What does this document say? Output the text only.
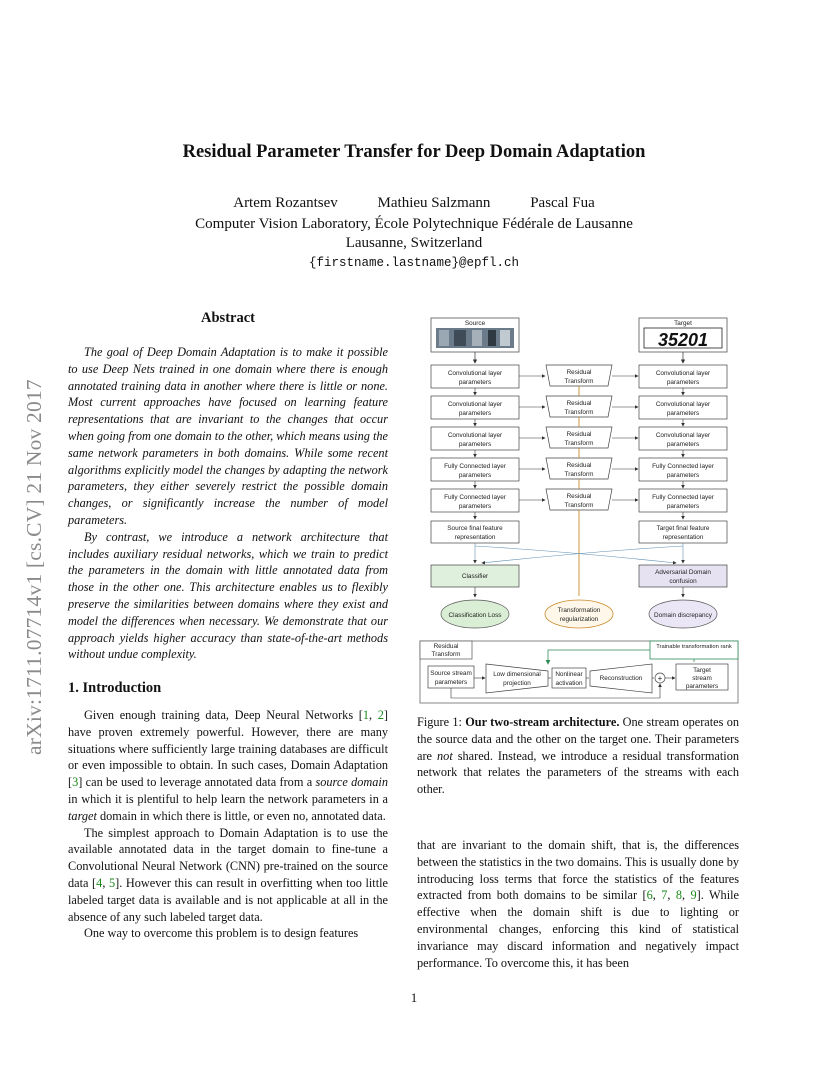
arXiv:1711.07714v1 [cs.CV] 21 Nov 2017
Residual Parameter Transfer for Deep Domain Adaptation
Artem Rozantsev	Mathieu Salzmann	Pascal Fua
Computer Vision Laboratory, École Polytechnique Fédérale de Lausanne
Lausanne, Switzerland
{firstname.lastname}@epfl.ch
Abstract

The goal of Deep Domain Adaptation is to make it possible to use Deep Nets trained in one domain where there is enough annotated training data in another where there is little or none. Most current approaches have focused on learning feature representations that are invariant to the changes that occur when going from one domain to the other, which means using the same network parameters in both domains. While some recent algorithms explicitly model the changes by adapting the network parameters, they either severely restrict the possible domain changes, or significantly increase the number of model parameters.

By contrast, we introduce a network architecture that includes auxiliary residual networks, which we train to predict the parameters in the domain with little annotated data from those in the other one. This architecture enables us to flexibly preserve the similarities between domains where they exist and model the differences when necessary. We demonstrate that our approach yields higher accuracy than state-of-the-art methods without undue complexity.

1. Introduction

Given enough training data, Deep Neural Networks [1, 2] have proven extremely powerful. However, there are many situations where sufficiently large training databases are difficult or even impossible to obtain. In such cases, Domain Adaptation [3] can be used to leverage annotated data from a source domain in which it is plentiful to help learn the network parameters in a target domain in which there is little, or even no, annotated data.

The simplest approach to Domain Adaptation is to use the available annotated data in the target domain to fine-tune a Convolutional Neural Network (CNN) pre-trained on the source data [4, 5]. However this can result in overfitting when too little labeled target data is available and is not applicable at all in the absence of any such labeled target data.

One way to overcome this problem is to design features

Source	Target
35201
Convolutional layer
parameters
Convolutional layer
parameters
Convolutional layer
parameters
Fully Connected layer
parameters
Fully Connected layer
parameters
Convolutional layer
parameters
Convolutional layer
parameters
Convolutional layer
parameters
Fully Connected layer
parameters
Fully Connected layer
parameters
Residual
Transform
Residual
Transform
Residual
Transform
Residual
Transform
Residual
Transform
Source final feature
representation
Target final feature
representation
Classifier
Adversarial Domain
confusion
Classification Loss
Transformation
regularization
Domain discrepancy
Residual
Transform
Trainable transformation rank
Source stream
parameters
Low dimensional
projection
Nonlinear
activation
Reconstruction +
Target
stream
parameters

Figure 1: Our two-stream architecture. One stream operates on the source data and the other on the target one. Their parameters are not shared. Instead, we introduce a residual transformation network that relates the parameters of the streams with each other.

that are invariant to the domain shift, that is, the differences between the statistics in the two domains. This is usually done by introducing loss terms that force the statistics of the features extracted from both domains to be similar [6, 7, 8, 9]. While effective when the domain shift is due to lighting or environmental changes, enforcing this kind of statistical invariance may discard information and negatively impact performance. To overcome this, it has been

1
